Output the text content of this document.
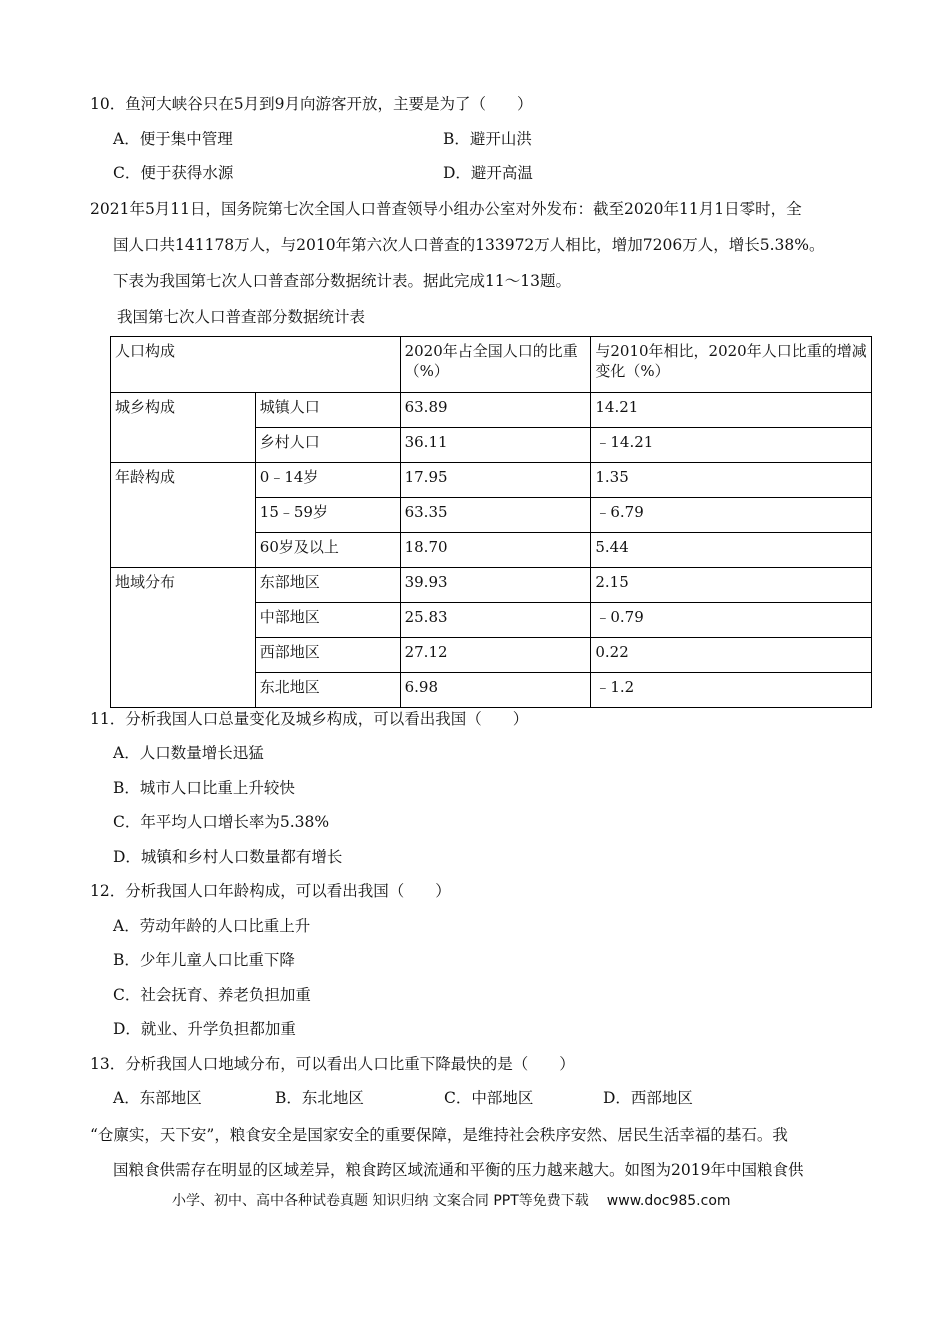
10．鱼河大峡谷只在5月到9月向游客开放，主要是为了（　　）
A．便于集中管理	B．避开山洪
C．便于获得水源	D．避开高温
2021年5月11日，国务院第七次全国人口普查领导小组办公室对外发布：截至2020年11月1日零时，全
国人口共141178万人，与2010年第六次人口普查的133972万人相比，增加7206万人，增长5.38%。
下表为我国第七次人口普查部分数据统计表。据此完成11～13题。
我国第七次人口普查部分数据统计表
人口构成		2020年占全国人口的比重（%）	与2010年相比，2020年人口比重的增减变化（%）
城乡构成	城镇人口	63.89	14.21
	乡村人口	36.11	﹣14.21
年龄构成	0﹣14岁	17.95	1.35
	15﹣59岁	63.35	﹣6.79
	60岁及以上	18.70	5.44
地域分布	东部地区	39.93	2.15
	中部地区	25.83	﹣0.79
	西部地区	27.12	0.22
	东北地区	6.98	﹣1.2
11．分析我国人口总量变化及城乡构成，可以看出我国（　　）
A．人口数量增长迅猛
B．城市人口比重上升较快
C．年平均人口增长率为5.38%
D．城镇和乡村人口数量都有增长
12．分析我国人口年龄构成，可以看出我国（　　）
A．劳动年龄的人口比重上升
B．少年儿童人口比重下降
C．社会抚育、养老负担加重
D．就业、升学负担都加重
13．分析我国人口地域分布，可以看出人口比重下降最快的是（　　）
A．东部地区	B．东北地区	C．中部地区	D．西部地区
“仓廪实，天下安”，粮食安全是国家安全的重要保障，是维持社会秩序安然、居民生活幸福的基石。我
国粮食供需存在明显的区域差异，粮食跨区域流通和平衡的压力越来越大。如图为2019年中国粮食供
小学、初中、高中各种试卷真题 知识归纳 文案合同 PPT等免费下载 www.doc985.com
